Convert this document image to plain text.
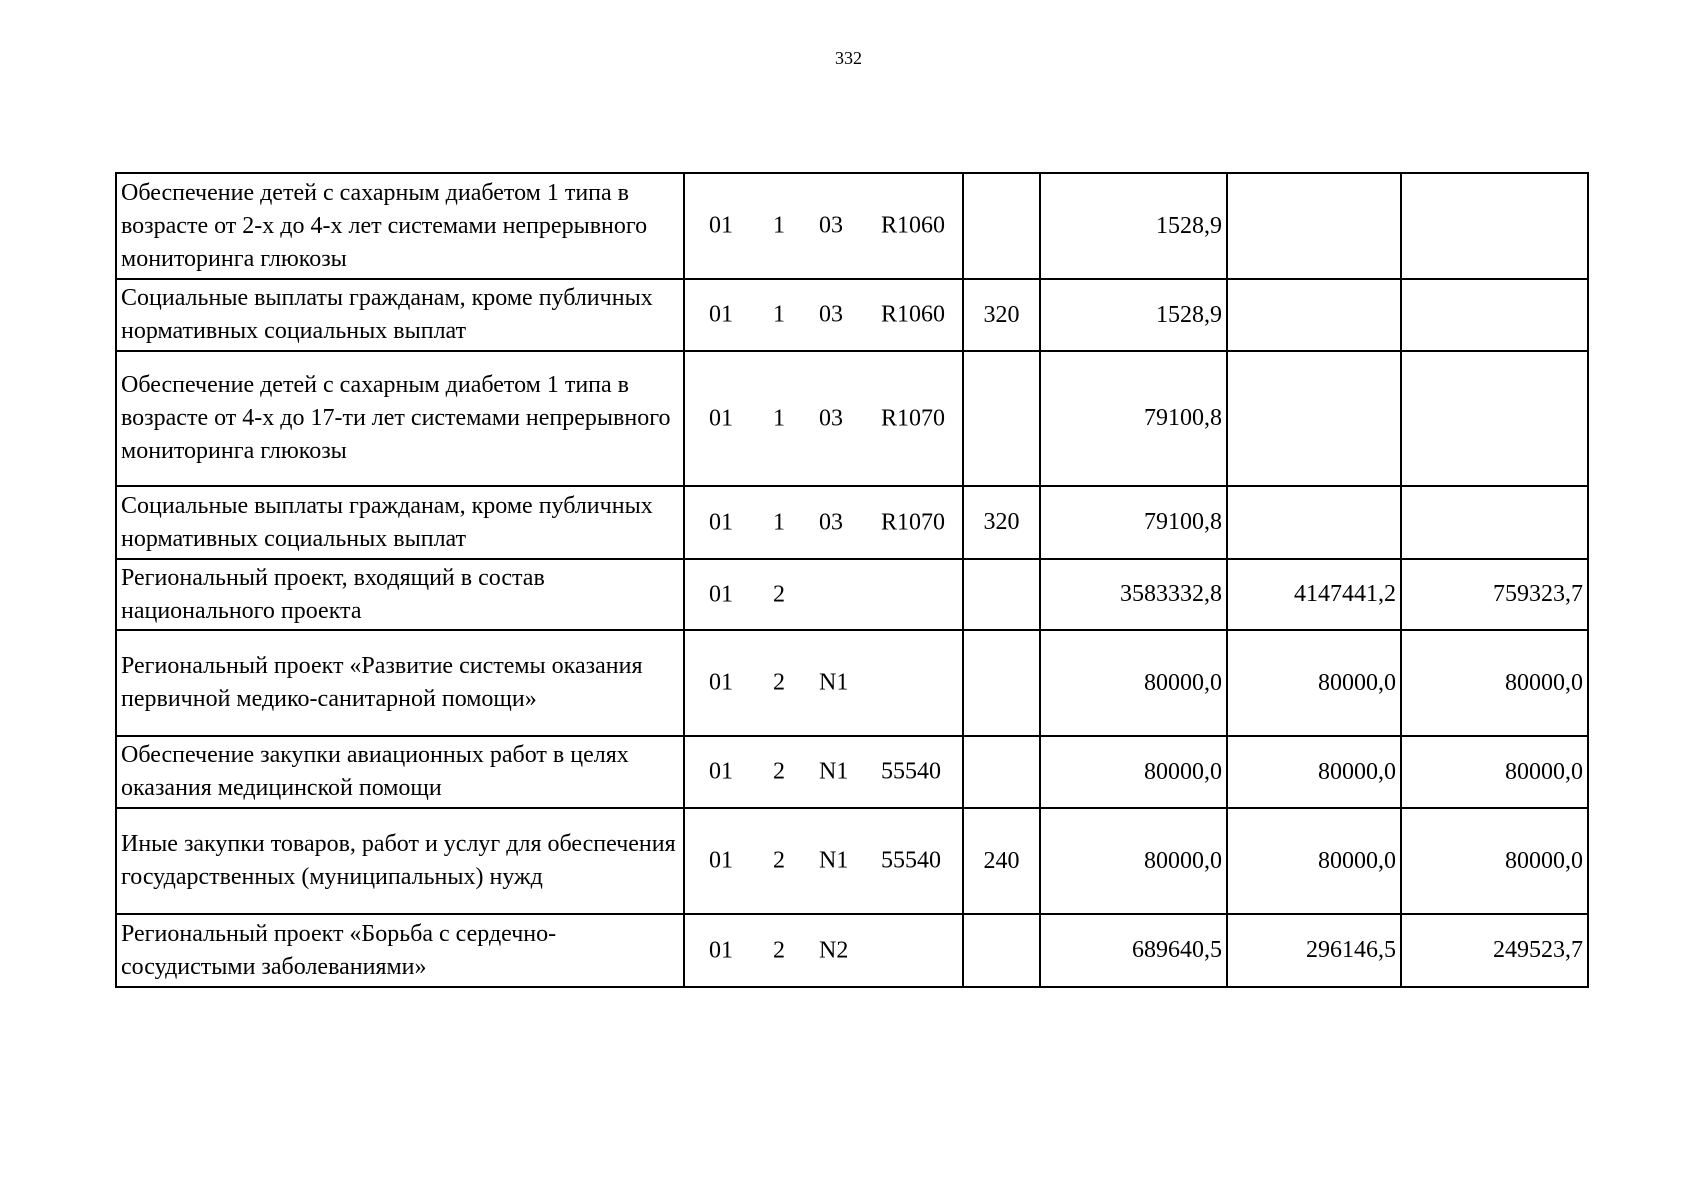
332
Обеспечение детей с сахарным диабетом 1 типа в возрасте от 2-х до 4-х лет системами непрерывного мониторинга глюкозы	01 1 03 R1060		1528,9		
Социальные выплаты гражданам, кроме публичных нормативных социальных выплат	01 1 03 R1060	320	1528,9		
Обеспечение детей с сахарным диабетом 1 типа в возрасте от 4-х до 17-ти лет системами непрерывного мониторинга глюкозы	01 1 03 R1070		79100,8		
Социальные выплаты гражданам, кроме публичных нормативных социальных выплат	01 1 03 R1070	320	79100,8		
Региональный проект, входящий в состав национального проекта	01 2		3583332,8	4147441,2	759323,7
Региональный проект «Развитие системы оказания первичной медико-санитарной помощи»	01 2 N1		80000,0	80000,0	80000,0
Обеспечение закупки авиационных работ в целях оказания медицинской помощи	01 2 N1 55540		80000,0	80000,0	80000,0
Иные закупки товаров, работ и услуг для обеспечения государственных (муниципальных) нужд	01 2 N1 55540	240	80000,0	80000,0	80000,0
Региональный проект «Борьба с сердечно-сосудистыми заболеваниями»	01 2 N2		689640,5	296146,5	249523,7
